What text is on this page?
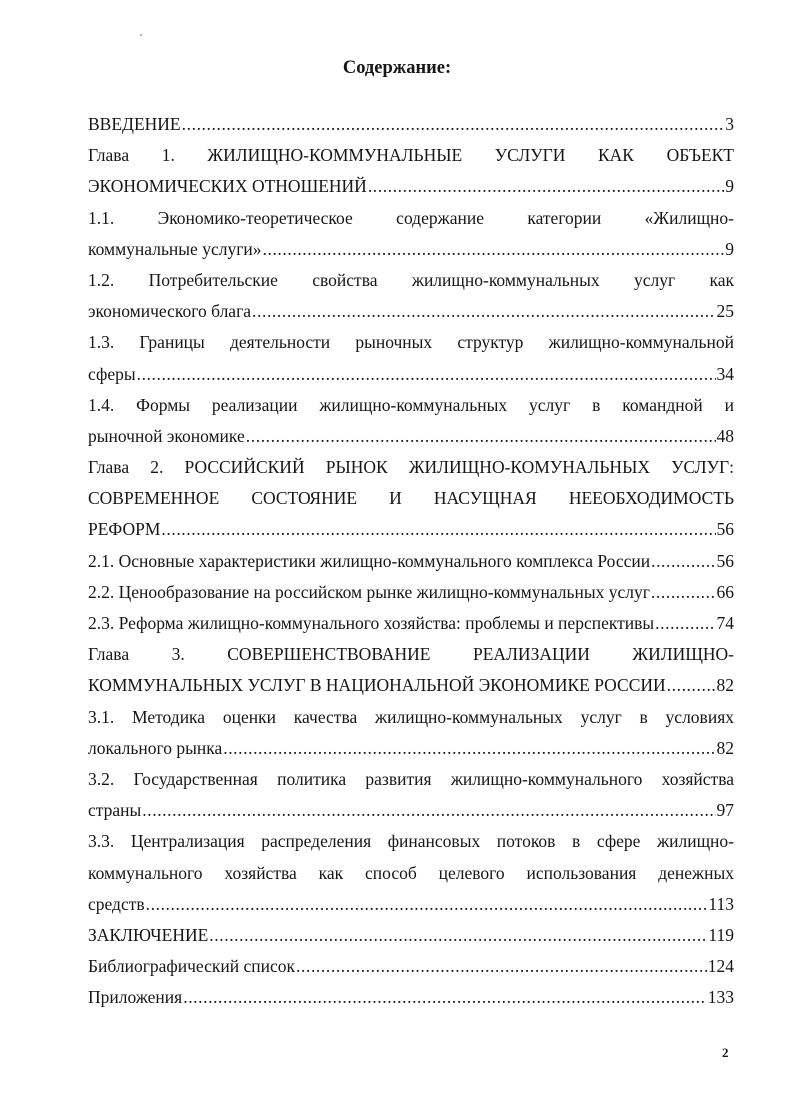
Содержание:
ВВЕДЕНИЕ .....	3
Глава 1. ЖИЛИЩНО-КОММУНАЛЬНЫЕ УСЛУГИ КАК ОБЪЕКТ
ЭКОНОМИЧЕСКИХ ОТНОШЕНИЙ .....	9
1.1. Экономико-теоретическое содержание категории «Жилищно-
коммунальные услуги» .....	9
1.2. Потребительские свойства жилищно-коммунальных услуг как
экономического блага .....	25
1.3. Границы деятельности рыночных структур жилищно-коммунальной
сферы .....	34
1.4. Формы реализации жилищно-коммунальных услуг в командной и
рыночной экономике .....	48
Глава 2. РОССИЙСКИЙ РЫНОК ЖИЛИЩНО-КОМУНАЛЬНЫХ УСЛУГ:
СОВРЕМЕННОЕ СОСТОЯНИЕ И НАСУЩНАЯ НЕЕОБХОДИМОСТЬ
РЕФОРМ .....	56
2.1. Основные характеристики жилищно-коммунального комплекса России .....	56
2.2. Ценообразование на российском рынке жилищно-коммунальных услуг .....	66
2.3. Реформа жилищно-коммунального хозяйства: проблемы и перспективы .....	74
Глава 3. СОВЕРШЕНСТВОВАНИЕ РЕАЛИЗАЦИИ ЖИЛИЩНО-
КОММУНАЛЬНЫХ УСЛУГ В НАЦИОНАЛЬНОЙ ЭКОНОМИКЕ РОССИИ .....	82
3.1. Методика оценки качества жилищно-коммунальных услуг в условиях
локального рынка .....	82
3.2. Государственная политика развития жилищно-коммунального хозяйства
страны .....	97
3.3. Централизация распределения финансовых потоков в сфере жилищно-
коммунального хозяйства как способ целевого использования денежных
средств .....	113
ЗАКЛЮЧЕНИЕ .....	119
Библиографический список .....	124
Приложения .....	133
2
